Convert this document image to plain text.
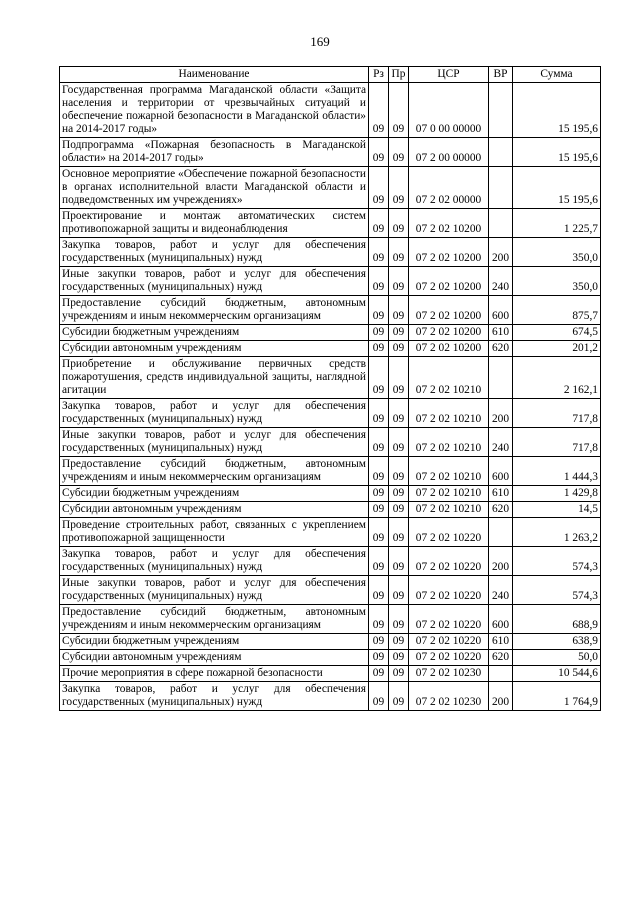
169
Наименование	Рз	Пр	ЦСР	ВР	Сумма
Государственная программа Магаданской области «Защита населения и территории от чрезвычайных ситуаций и обеспечение пожарной безопасности в Магаданской области» на 2014-2017 годы»	09	09	07 0 00 00000		15 195,6
Подпрограмма «Пожарная безопасность в Магаданской области» на 2014-2017 годы»	09	09	07 2 00 00000		15 195,6
Основное мероприятие «Обеспечение пожарной безопасности в органах исполнительной власти Магаданской области и подведомственных им учреждениях»	09	09	07 2 02 00000		15 195,6
Проектирование и монтаж автоматических систем противопожарной защиты и видеонаблюдения	09	09	07 2 02 10200		1 225,7
Закупка товаров, работ и услуг для обеспечения государственных (муниципальных) нужд	09	09	07 2 02 10200	200	350,0
Иные закупки товаров, работ и услуг для обеспечения государственных (муниципальных) нужд	09	09	07 2 02 10200	240	350,0
Предоставление субсидий бюджетным, автономным учреждениям и иным некоммерческим организациям	09	09	07 2 02 10200	600	875,7
Субсидии бюджетным учреждениям	09	09	07 2 02 10200	610	674,5
Субсидии автономным учреждениям	09	09	07 2 02 10200	620	201,2
Приобретение и обслуживание первичных средств пожаротушения, средств индивидуальной защиты, наглядной агитации	09	09	07 2 02 10210		2 162,1
Закупка товаров, работ и услуг для обеспечения государственных (муниципальных) нужд	09	09	07 2 02 10210	200	717,8
Иные закупки товаров, работ и услуг для обеспечения государственных (муниципальных) нужд	09	09	07 2 02 10210	240	717,8
Предоставление субсидий бюджетным, автономным учреждениям и иным некоммерческим организациям	09	09	07 2 02 10210	600	1 444,3
Субсидии бюджетным учреждениям	09	09	07 2 02 10210	610	1 429,8
Субсидии автономным учреждениям	09	09	07 2 02 10210	620	14,5
Проведение строительных работ, связанных с укреплением противопожарной защищенности	09	09	07 2 02 10220		1 263,2
Закупка товаров, работ и услуг для обеспечения государственных (муниципальных) нужд	09	09	07 2 02 10220	200	574,3
Иные закупки товаров, работ и услуг для обеспечения государственных (муниципальных) нужд	09	09	07 2 02 10220	240	574,3
Предоставление субсидий бюджетным, автономным учреждениям и иным некоммерческим организациям	09	09	07 2 02 10220	600	688,9
Субсидии бюджетным учреждениям	09	09	07 2 02 10220	610	638,9
Субсидии автономным учреждениям	09	09	07 2 02 10220	620	50,0
Прочие мероприятия в сфере пожарной безопасности	09	09	07 2 02 10230		10 544,6
Закупка товаров, работ и услуг для обеспечения государственных (муниципальных) нужд	09	09	07 2 02 10230	200	1 764,9
